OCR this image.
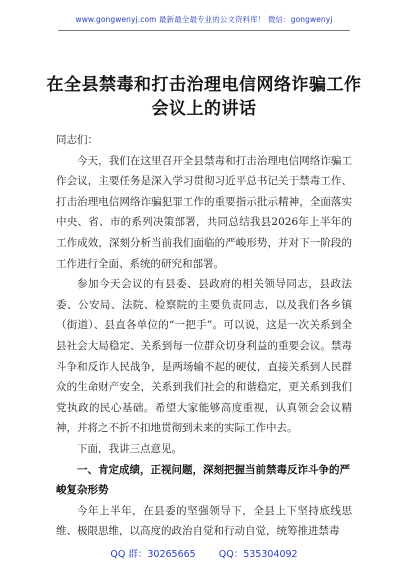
www.gongwenyj.com 最新最全最专业的公文资料库！ 微信：gongwenyj
在全县禁毒和打击治理电信网络诈骗工作
会议上的讲话

同志们：

今天，我们在这里召开全县禁毒和打击治理电信网络诈骗工作会议，主要任务是深入学习贯彻习近平总书记关于禁毒工作、打击治理电信网络诈骗犯罪工作的重要指示批示精神，全面落实中央、省、市的系列决策部署，共同总结我县2026年上半年的工作成效，深刻分析当前我们面临的严峻形势，并对下一阶段的工作进行全面、系统的研究和部署。

参加今天会议的有县委、县政府的相关领导同志，县政法委、公安局、法院、检察院的主要负责同志，以及我们各乡镇（街道）、县直各单位的“一把手”。可以说，这是一次关系到全县社会大局稳定、关系到每一位群众切身利益的重要会议。禁毒斗争和反诈人民战争，是两场输不起的硬仗，直接关系到人民群众的生命财产安全，关系到我们社会的和谐稳定，更关系到我们党执政的民心基础。希望大家能够高度重视，认真领会会议精神，并将之不折不扣地贯彻到未来的实际工作中去。

下面，我讲三点意见。

一、肯定成绩，正视问题，深刻把握当前禁毒反诈斗争的严峻复杂形势

今年上半年，在县委的坚强领导下，全县上下坚持底线思维、极限思维，以高度的政治自觉和行动自觉，统筹推进禁毒

QQ 群：30265665 QQ：535304092
